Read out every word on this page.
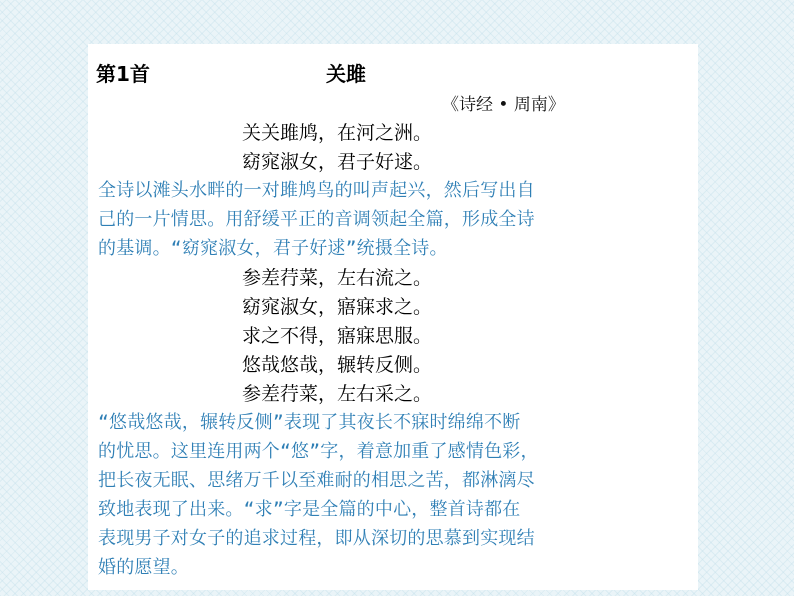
第1首	关雎
《诗经 • 周南》
关关雎鸠，在河之洲。
窈窕淑女，君子好逑。
全诗以滩头水畔的一对雎鸠鸟的叫声起兴，然后写出自
己的一片情思。用舒缓平正的音调领起全篇，形成全诗
的基调。“窈窕淑女，君子好逑”统摄全诗。
参差荇菜，左右流之。
窈窕淑女，寤寐求之。
求之不得，寤寐思服。
悠哉悠哉，辗转反侧。
参差荇菜，左右采之。
“悠哉悠哉，辗转反侧”表现了其夜长不寐时绵绵不断
的忧思。这里连用两个“悠”字，着意加重了感情色彩，
把长夜无眠、思绪万千以至难耐的相思之苦，都淋漓尽
致地表现了出来。“求”字是全篇的中心，整首诗都在
表现男子对女子的追求过程，即从深切的思慕到实现结
婚的愿望。
